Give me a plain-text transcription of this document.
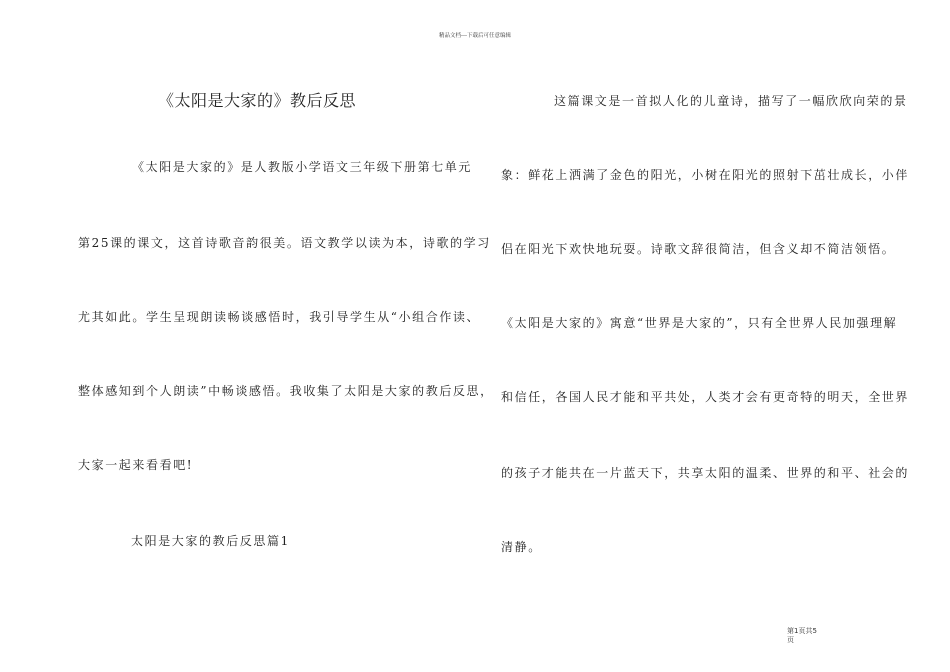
精品文档---下载后可任意编辑
《太阳是大家的》教后反思
《太阳是大家的》是人教版小学语文三年级下册第七单元
第25课的课文，这首诗歌音韵很美。语文教学以读为本，诗歌的学习
尤其如此。学生呈现朗读畅谈感悟时，我引导学生从“小组合作读、
整体感知到个人朗读”中畅谈感悟。我收集了太阳是大家的教后反思，
大家一起来看看吧!
太阳是大家的教后反思篇1
这篇课文是一首拟人化的儿童诗，描写了一幅欣欣向荣的景
象：鲜花上洒满了金色的阳光，小树在阳光的照射下茁壮成长，小伴
侣在阳光下欢快地玩耍。诗歌文辞很简洁，但含义却不简洁领悟。
《太阳是大家的》寓意“世界是大家的”，只有全世界人民加强理解
和信任，各国人民才能和平共处，人类才会有更奇特的明天，全世界
的孩子才能共在一片蓝天下，共享太阳的温柔、世界的和平、社会的
清静。
第1页共5
页
